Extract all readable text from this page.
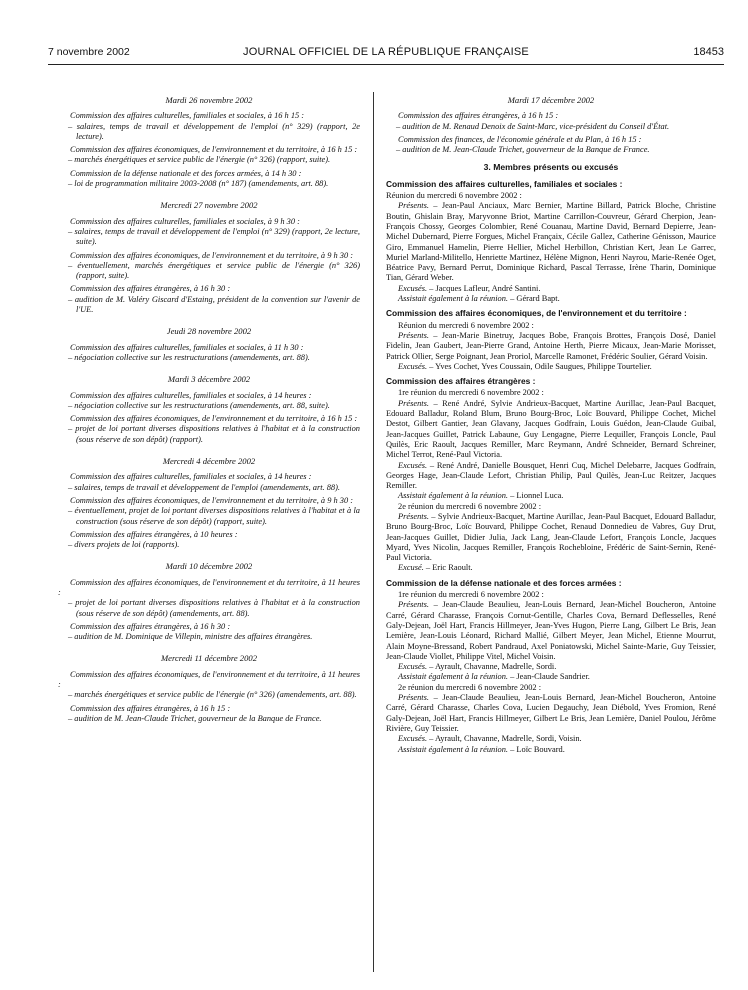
7 novembre 2002	JOURNAL OFFICIEL DE LA RÉPUBLIQUE FRANÇAISE	18453

Mardi 26 novembre 2002

Commission des affaires culturelles, familiales et sociales, à 16 h 15 :

– salaires, temps de travail et développement de l'emploi (n° 329) (rapport, 2e lecture).

Commission des affaires économiques, de l'environnement et du territoire, à 16 h 15 :

– marchés énergétiques et service public de l'énergie (n° 326) (rapport, suite).

Commission de la défense nationale et des forces armées, à 14 h 30 :

– loi de programmation militaire 2003-2008 (n° 187) (amendements, art. 88).

Mercredi 27 novembre 2002

Commission des affaires culturelles, familiales et sociales, à 9 h 30 :

– salaires, temps de travail et développement de l'emploi (n° 329) (rapport, 2e lecture, suite).

Commission des affaires économiques, de l'environnement et du territoire, à 9 h 30 :

– éventuellement, marchés énergétiques et service public de l'énergie (n° 326) (rapport, suite).

Commission des affaires étrangères, à 16 h 30 :

– audition de M. Valéry Giscard d'Estaing, président de la convention sur l'avenir de l'UE.

Jeudi 28 novembre 2002

Commission des affaires culturelles, familiales et sociales, à 11 h 30 :

– négociation collective sur les restructurations (amendements, art. 88).

Mardi 3 décembre 2002

Commission des affaires culturelles, familiales et sociales, à 14 heures :

– négociation collective sur les restructurations (amendements, art. 88, suite).

Commission des affaires économiques, de l'environnement et du territoire, à 16 h 15 :

– projet de loi portant diverses dispositions relatives à l'habitat et à la construction (sous réserve de son dépôt) (rapport).

Mercredi 4 décembre 2002

Commission des affaires culturelles, familiales et sociales, à 14 heures :

– salaires, temps de travail et développement de l'emploi (amendements, art. 88).

Commission des affaires économiques, de l'environnement et du territoire, à 9 h 30 :

– éventuellement, projet de loi portant diverses dispositions relatives à l'habitat et à la construction (sous réserve de son dépôt) (rapport, suite).

Commission des affaires étrangères, à 10 heures :

– divers projets de loi (rapports).

Mardi 10 décembre 2002

Commission des affaires économiques, de l'environnement et du territoire, à 11 heures :

– projet de loi portant diverses dispositions relatives à l'habitat et à la construction (sous réserve de son dépôt) (amendements, art. 88).

Commission des affaires étrangères, à 16 h 30 :

– audition de M. Dominique de Villepin, ministre des affaires étrangères.

Mercredi 11 décembre 2002

Commission des affaires économiques, de l'environnement et du territoire, à 11 heures :

– marchés énergétiques et service public de l'énergie (n° 326) (amendements, art. 88).

Commission des affaires étrangères, à 16 h 15 :

– audition de M. Jean-Claude Trichet, gouverneur de la Banque de France.

Mardi 17 décembre 2002

Commission des affaires étrangères, à 16 h 15 :

– audition de M. Renaud Denoix de Saint-Marc, vice-président du Conseil d'État.

Commission des finances, de l'économie générale et du Plan, à 16 h 15 :

– audition de M. Jean-Claude Trichet, gouverneur de la Banque de France.

3. Membres présents ou excusés

Commission des affaires culturelles, familiales et sociales :

Réunion du mercredi 6 novembre 2002 :

Présents. – Jean-Paul Anciaux, Marc Bernier, Martine Billard, Patrick Bloche, Christine Boutin, Ghislain Bray, Maryvonne Briot, Martine Carrillon-Couvreur, Gérard Cherpion, Jean-François Chossy, Georges Colombier, René Couanau, Martine David, Bernard Depierre, Jean-Michel Dubernard, Pierre Forgues, Michel Françaix, Cécile Gallez, Catherine Génisson, Maurice Giro, Emmanuel Hamelin, Pierre Hellier, Michel Herbillon, Christian Kert, Jean Le Garrec, Muriel Marland-Militello, Henriette Martinez, Hélène Mignon, Henri Nayrou, Marie-Renée Oget, Béatrice Pavy, Bernard Perrut, Dominique Richard, Pascal Terrasse, Irène Tharin, Dominique Tian, Gérard Weber.

Excusés. – Jacques Lafleur, André Santini.

Assistait également à la réunion. – Gérard Bapt.

Commission des affaires économiques, de l'environnement et du territoire :

Réunion du mercredi 6 novembre 2002 :

Présents. – Jean-Marie Binetruy, Jacques Bobe, François Brottes, François Dosé, Daniel Fidelin, Jean Gaubert, Jean-Pierre Grand, Antoine Herth, Pierre Micaux, Jean-Marie Morisset, Patrick Ollier, Serge Poignant, Jean Proriol, Marcelle Ramonet, Frédéric Soulier, Gérard Voisin.

Excusés. – Yves Cochet, Yves Coussain, Odile Saugues, Philippe Tourtelier.

Commission des affaires étrangères :

1re réunion du mercredi 6 novembre 2002 :

Présents. – René André, Sylvie Andrieux-Bacquet, Martine Aurillac, Jean-Paul Bacquet, Edouard Balladur, Roland Blum, Bruno Bourg-Broc, Loïc Bouvard, Philippe Cochet, Michel Destot, Gilbert Gantier, Jean Glavany, Jacques Godfrain, Louis Guédon, Jean-Claude Guibal, Jean-Jacques Guillet, Patrick Labaune, Guy Lengagne, Pierre Lequiller, François Loncle, Paul Quilès, Eric Raoult, Jacques Remiller, Marc Reymann, André Schneider, Bernard Schreiner, Michel Terrot, René-Paul Victoria.

Excusés. – René André, Danielle Bousquet, Henri Cuq, Michel Delebarre, Jacques Godfrain, Georges Hage, Jean-Claude Lefort, Christian Philip, Paul Quilès, Jean-Luc Reitzer, Jacques Remiller.

Assistait également à la réunion. – Lionnel Luca.

2e réunion du mercredi 6 novembre 2002 :

Présents. – Sylvie Andrieux-Bacquet, Martine Aurillac, Jean-Paul Bacquet, Edouard Balladur, Bruno Bourg-Broc, Loïc Bouvard, Philippe Cochet, Renaud Donnedieu de Vabres, Guy Drut, Jean-Jacques Guillet, Didier Julia, Jack Lang, Jean-Claude Lefort, François Loncle, Jacques Myard, Yves Nicolin, Jacques Remiller, François Rochebloine, Frédéric de Saint-Sernin, René-Paul Victoria.

Excusé. – Eric Raoult.

Commission de la défense nationale et des forces armées :

1re réunion du mercredi 6 novembre 2002 :

Présents. – Jean-Claude Beaulieu, Jean-Louis Bernard, Jean-Michel Boucheron, Antoine Carré, Gérard Charasse, François Cornut-Gentille, Charles Cova, Bernard Deflesselles, René Galy-Dejean, Joël Hart, Francis Hillmeyer, Jean-Yves Hugon, Pierre Lang, Gilbert Le Bris, Jean Lemière, Jean-Louis Léonard, Richard Mallié, Gilbert Meyer, Jean Michel, Etienne Mourrut, Alain Moyne-Bressand, Robert Pandraud, Axel Poniatowski, Michel Sainte-Marie, Guy Teissier, Jean-Claude Viollet, Philippe Vitel, Michel Voisin.

Excusés. – Ayrault, Chavanne, Madrelle, Sordi.

Assistait également à la réunion. – Jean-Claude Sandrier.

2e réunion du mercredi 6 novembre 2002 :

Présents. – Jean-Claude Beaulieu, Jean-Louis Bernard, Jean-Michel Boucheron, Antoine Carré, Gérard Charasse, Charles Cova, Lucien Degauchy, Jean Diébold, Yves Fromion, René Galy-Dejean, Joël Hart, Francis Hillmeyer, Gilbert Le Bris, Jean Lemière, Daniel Poulou, Jérôme Rivière, Guy Teissier.

Excusés. – Ayrault, Chavanne, Madrelle, Sordi, Voisin.

Assistait également à la réunion. – Loïc Bouvard.
